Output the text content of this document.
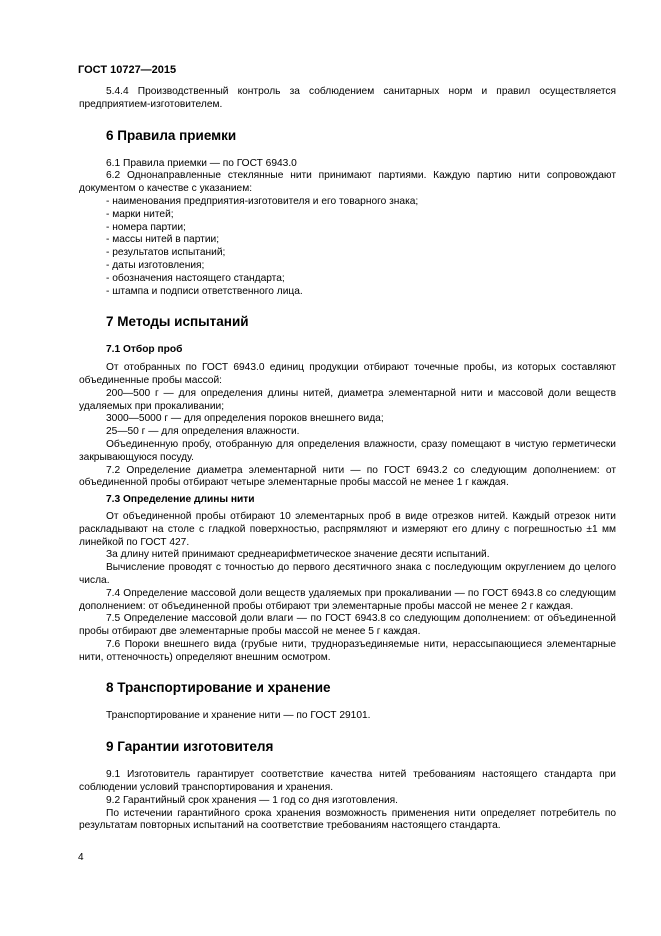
ГОСТ 10727—2015

5.4.4 Производственный контроль за соблюдением санитарных норм и правил осуществляется предприятием-изготовителем.

6 Правила приемки

6.1 Правила приемки — по ГОСТ 6943.0

6.2 Однонаправленные стеклянные нити принимают партиями. Каждую партию нити сопровождают документом о качестве с указанием:

- наименования предприятия-изготовителя и его товарного знака;
- марки нитей;
- номера партии;
- массы нитей в партии;
- результатов испытаний;
- даты изготовления;
- обозначения настоящего стандарта;
- штампа и подписи ответственного лица.
7 Методы испытаний
7.1 Отбор проб

От отобранных по ГОСТ 6943.0 единиц продукции отбирают точечные пробы, из которых составляют объединенные пробы массой:

200—500 г — для определения длины нитей, диаметра элементарной нити и массовой доли веществ удаляемых при прокаливании;

3000—5000 г — для определения пороков внешнего вида;

25—50 г — для определения влажности.

Объединенную пробу, отобранную для определения влажности, сразу помещают в чистую герметически закрывающуюся посуду.

7.2 Определение диаметра элементарной нити — по ГОСТ 6943.2 со следующим дополнением: от объединенной пробы отбирают четыре элементарные пробы массой не менее 1 г каждая.

7.3 Определение длины нити

От объединенной пробы отбирают 10 элементарных проб в виде отрезков нитей. Каждый отрезок нити раскладывают на столе с гладкой поверхностью, распрямляют и измеряют его длину с погрешностью ±1 мм линейкой по ГОСТ 427.

За длину нитей принимают среднеарифметическое значение десяти испытаний.

Вычисление проводят с точностью до первого десятичного знака с последующим округлением до целого числа.

7.4 Определение массовой доли веществ удаляемых при прокаливании — по ГОСТ 6943.8 со следующим дополнением: от объединенной пробы отбирают три элементарные пробы массой не менее 2 г каждая.

7.5 Определение массовой доли влаги — по ГОСТ 6943.8 со следующим дополнением: от объединенной пробы отбирают две элементарные пробы массой не менее 5 г каждая.

7.6 Пороки внешнего вида (грубые нити, трудноразъединяемые нити, нерассыпающиеся элементарные нити, оттеночность) определяют внешним осмотром.

8 Транспортирование и хранение

Транспортирование и хранение нити — по ГОСТ 29101.

9 Гарантии изготовителя

9.1 Изготовитель гарантирует соответствие качества нитей требованиям настоящего стандарта при соблюдении условий транспортирования и хранения.

9.2 Гарантийный срок хранения — 1 год со дня изготовления.

По истечении гарантийного срока хранения возможность применения нити определяет потребитель по результатам повторных испытаний на соответствие требованиям настоящего стандарта.

4
